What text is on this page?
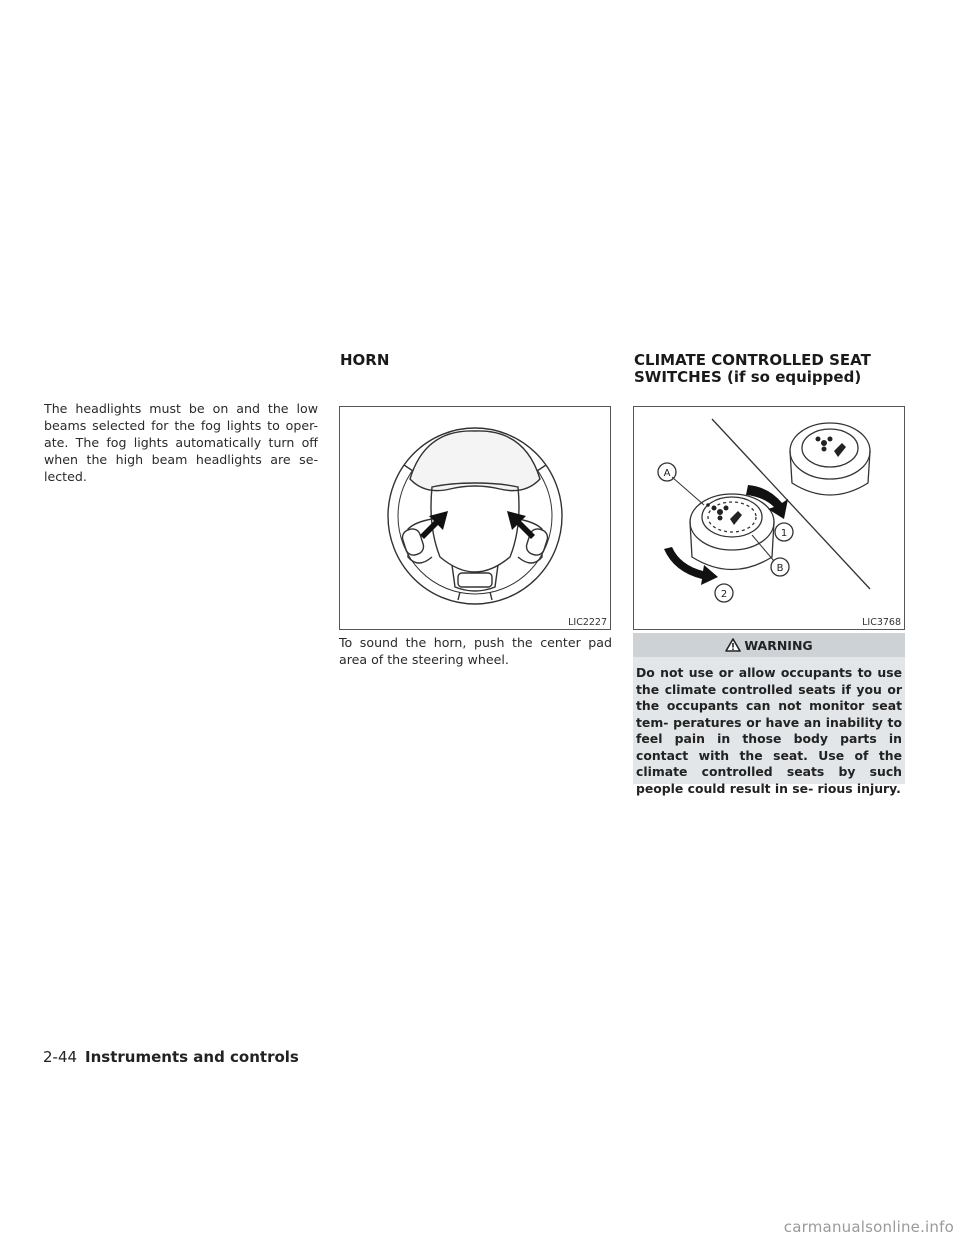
The headlights must be on and the low beams selected for the fog lights to oper- ate. The fog lights automatically turn off when the high beam headlights are se- lected.

HORN
LIC2227

To sound the horn, push the center pad area of the steering wheel.

CLIMATE CONTROLLED SEAT
SWITCHES (if so equipped)
A
B
1
2
LIC3768
WARNING

Do not use or allow occupants to use the climate controlled seats if you or the occupants can not monitor seat tem- peratures or have an inability to feel pain in those body parts in contact with the seat. Use of the climate controlled seats by such people could result in se- rious injury.

2-44 Instruments and controls
carmanualsonline.info
